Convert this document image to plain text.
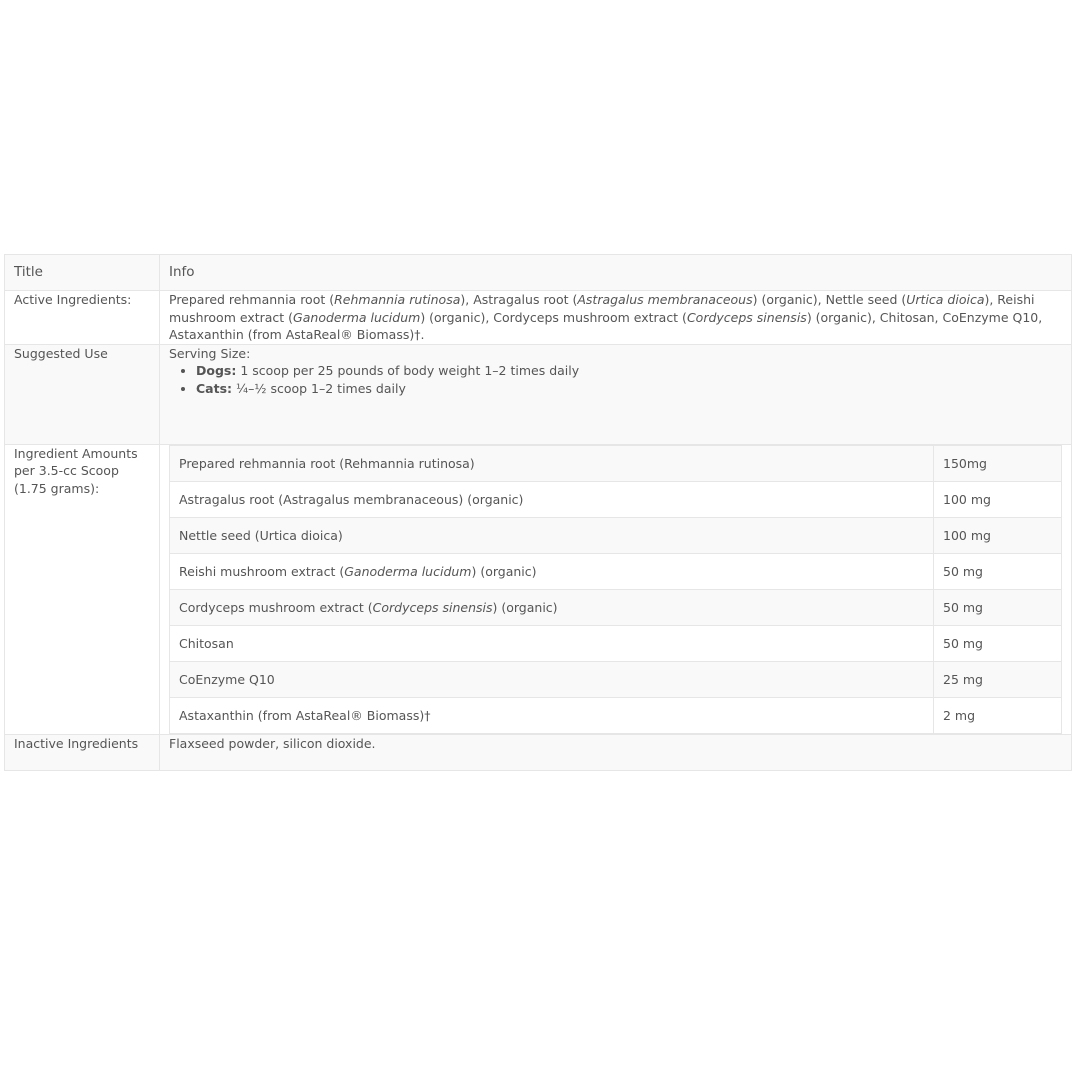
Title	Info
Active Ingredients:	Prepared rehmannia root (Rehmannia rutinosa), Astragalus root (Astragalus membranaceous) (organic), Nettle seed (Urtica dioica), Reishi mushroom extract (Ganoderma lucidum) (organic), Cordyceps mushroom extract (Cordyceps sinensis) (organic), Chitosan, CoEnzyme Q10, Astaxanthin (from AstaReal® Biomass)†.
Suggested Use	Serving Size:
• Dogs: 1 scoop per 25 pounds of body weight 1–2 times daily
• Cats: ¼–½ scoop 1–2 times daily

Ingredient Amounts per 3.5-cc Scoop (1.75 grams):	
Prepared rehmannia root (Rehmannia rutinosa)	150mg
Astragalus root (Astragalus membranaceous) (organic)	100 mg
Nettle seed (Urtica dioica)	100 mg
Reishi mushroom extract (Ganoderma lucidum) (organic)	50 mg
Cordyceps mushroom extract (Cordyceps sinensis) (organic)	50 mg
Chitosan	50 mg
CoEnzyme Q10	25 mg
Astaxanthin (from AstaReal® Biomass)†	2 mg

Inactive Ingredients	Flaxseed powder, silicon dioxide.
